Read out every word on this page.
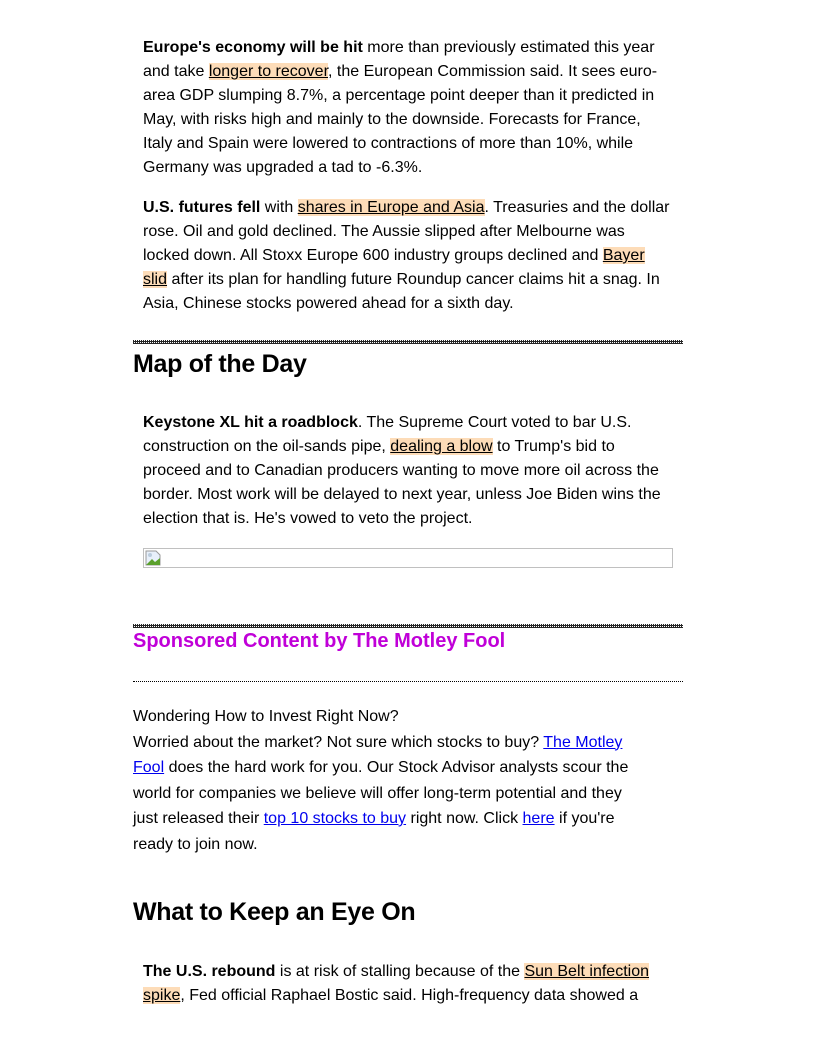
Europe's economy will be hit more than previously estimated this year and take longer to recover, the European Commission said. It sees euro-area GDP slumping 8.7%, a percentage point deeper than it predicted in May, with risks high and mainly to the downside. Forecasts for France, Italy and Spain were lowered to contractions of more than 10%, while Germany was upgraded a tad to -6.3%.

U.S. futures fell with shares in Europe and Asia. Treasuries and the dollar rose. Oil and gold declined. The Aussie slipped after Melbourne was locked down. All Stoxx Europe 600 industry groups declined and Bayer slid after its plan for handling future Roundup cancer claims hit a snag. In Asia, Chinese stocks powered ahead for a sixth day.

Map of the Day

Keystone XL hit a roadblock. The Supreme Court voted to bar U.S. construction on the oil-sands pipe, dealing a blow to Trump's bid to proceed and to Canadian producers wanting to move more oil across the border. Most work will be delayed to next year, unless Joe Biden wins the election that is. He's vowed to veto the project.

Sponsored Content by The Motley Fool

Wondering How to Invest Right Now?
Worried about the market? Not sure which stocks to buy? The Motley Fool does the hard work for you. Our Stock Advisor analysts scour the world for companies we believe will offer long-term potential and they just released their top 10 stocks to buy right now. Click here if you're ready to join now.

What to Keep an Eye On

The U.S. rebound is at risk of stalling because of the Sun Belt infection spike, Fed official Raphael Bostic said. High-frequency data showed a
